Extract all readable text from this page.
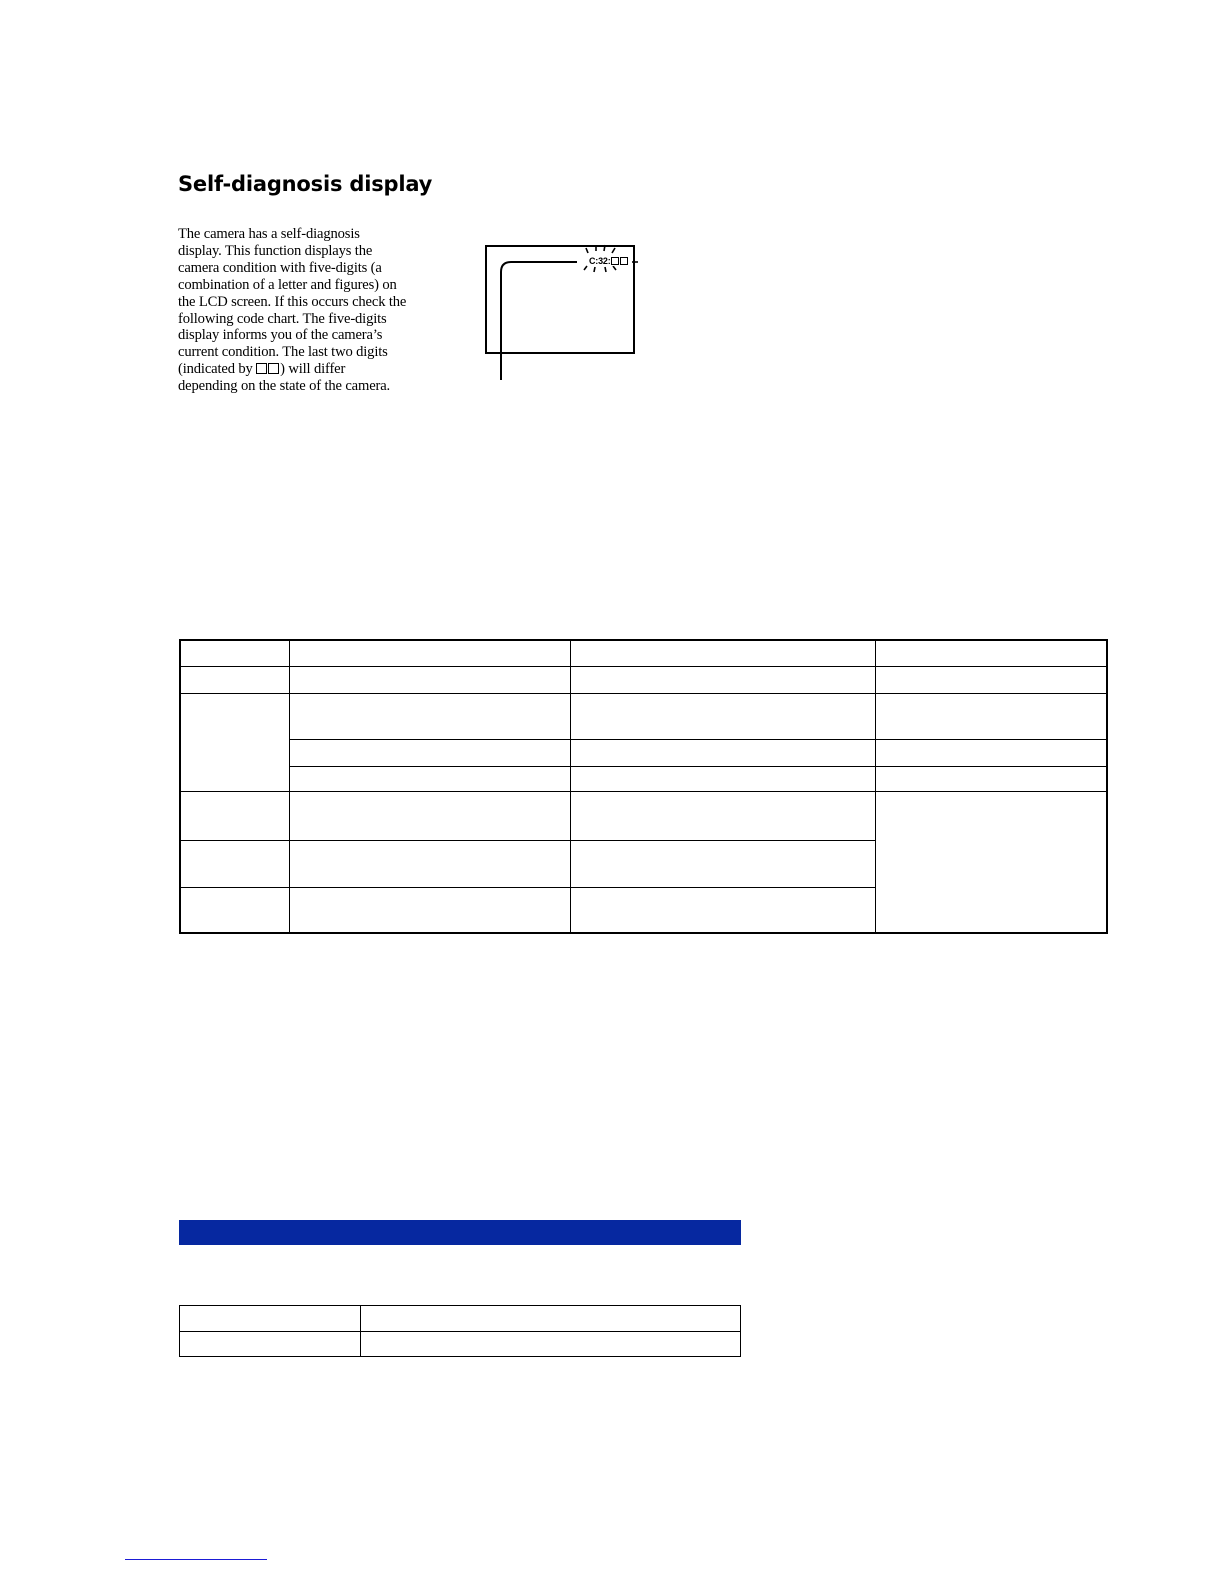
Self-diagnosis display
The camera has a self-diagnosis
display. This function displays the
camera condition with five-digits (a
combination of a letter and figures) on
the LCD screen. If this occurs check the
following code chart. The five-digits
display informs you of the camera’s
current condition. The last two digits
(indicated by ) will differ
depending on the state of the camera.
C:32:
